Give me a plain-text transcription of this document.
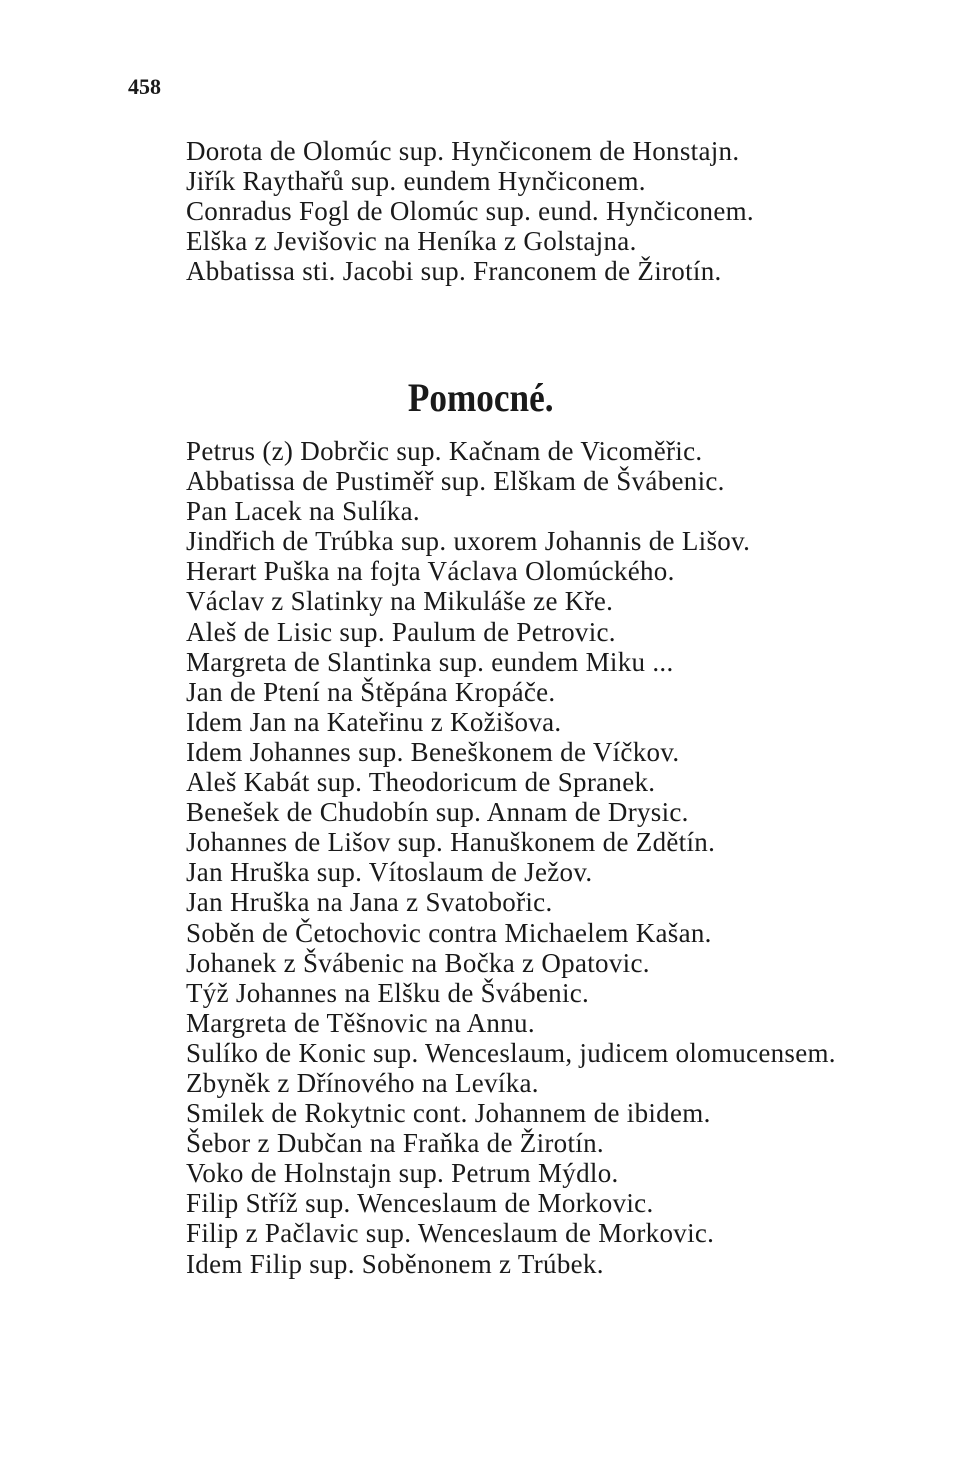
458
Dorota de Olomúc sup. Hynčiconem de Honstajn.
Jiřík Raythařů sup. eundem Hynčiconem.
Conradus Fogl de Olomúc sup. eund. Hynčiconem.
Elška z Jevišovic na Heníka z Golstajna.
Abbatissa sti. Jacobi sup. Franconem de Žirotín.
Pomocné.
Petrus (z) Dobrčic sup. Kačnam de Vicoměřic.
Abbatissa de Pustiměř sup. Elškam de Švábenic.
Pan Lacek na Sulíka.
Jindřich de Trúbka sup. uxorem Johannis de Lišov.
Herart Puška na fojta Václava Olomúckého.
Václav z Slatinky na Mikuláše ze Kře.
Aleš de Lisic sup. Paulum de Petrovic.
Margreta de Slantinka sup. eundem Miku ...
Jan de Ptení na Štěpána Kropáče.
Idem Jan na Kateřinu z Kožišova.
Idem Johannes sup. Beneškonem de Víčkov.
Aleš Kabát sup. Theodoricum de Spranek.
Benešek de Chudobín sup. Annam de Drysic.
Johannes de Lišov sup. Hanuškonem de Zdětín.
Jan Hruška sup. Vítoslaum de Ježov.
Jan Hruška na Jana z Svatobořic.
Soběn de Četochovic contra Michaelem Kašan.
Johanek z Švábenic na Bočka z Opatovic.
Týž Johannes na Elšku de Švábenic.
Margreta de Těšnovic na Annu.
Sulíko de Konic sup. Wenceslaum, judicem olomucensem.
Zbyněk z Dřínového na Levíka.
Smilek de Rokytnic cont. Johannem de ibidem.
Šebor z Dubčan na Fraňka de Žirotín.
Voko de Holnstajn sup. Petrum Mýdlo.
Filip Stříž sup. Wenceslaum de Morkovic.
Filip z Pačlavic sup. Wenceslaum de Morkovic.
Idem Filip sup. Soběnonem z Trúbek.
